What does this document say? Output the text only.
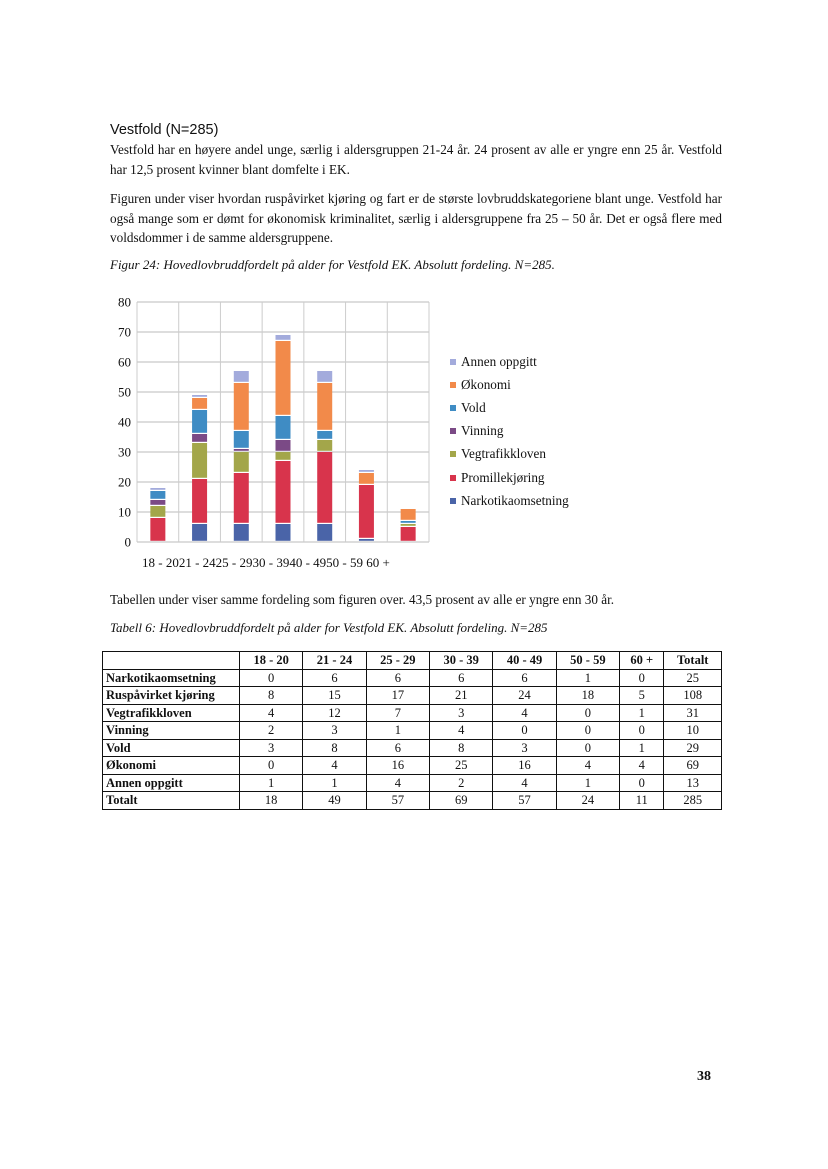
Vestfold (N=285)

Vestfold har en høyere andel unge, særlig i aldersgruppen 21-24 år. 24 prosent av alle er yngre enn 25 år. Vestfold har 12,5 prosent kvinner blant domfelte i EK.

Figuren under viser hvordan ruspåvirket kjøring og fart er de største lovbruddskategoriene blant unge. Vestfold har også mange som er dømt for økonomisk kriminalitet, særlig i aldersgruppene fra 25 – 50 år. Det er også flere med voldsdommer i de samme aldersgruppene.

Figur 24: Hovedlovbruddfordelt på alder for Vestfold EK. Absolutt fordeling. N=285.

0
10
20
30
40
50
60
70
80
18 - 2021 - 2425 - 2930 - 3940 - 4950 - 59 60 +
Annen oppgitt
Økonomi
Vold
Vinning
Vegtrafikkloven
Promillekjøring
Narkotikaomsetning

Tabellen under viser samme fordeling som figuren over. 43,5 prosent av alle er yngre enn 30 år.

Tabell 6: Hovedlovbruddfordelt på alder for Vestfold EK. Absolutt fordeling. N=285

	18 - 20	21 - 24	25 - 29	30 - 39	40 - 49	50 - 59	60 +	Totalt
Narkotikaomsetning	0	6	6	6	6	1	0	25
Ruspåvirket kjøring	8	15	17	21	24	18	5	108
Vegtrafikkloven	4	12	7	3	4	0	1	31
Vinning	2	3	1	4	0	0	0	10
Vold	3	8	6	8	3	0	1	29
Økonomi	0	4	16	25	16	4	4	69
Annen oppgitt	1	1	4	2	4	1	0	13
Totalt	18	49	57	69	57	24	11	285
38
